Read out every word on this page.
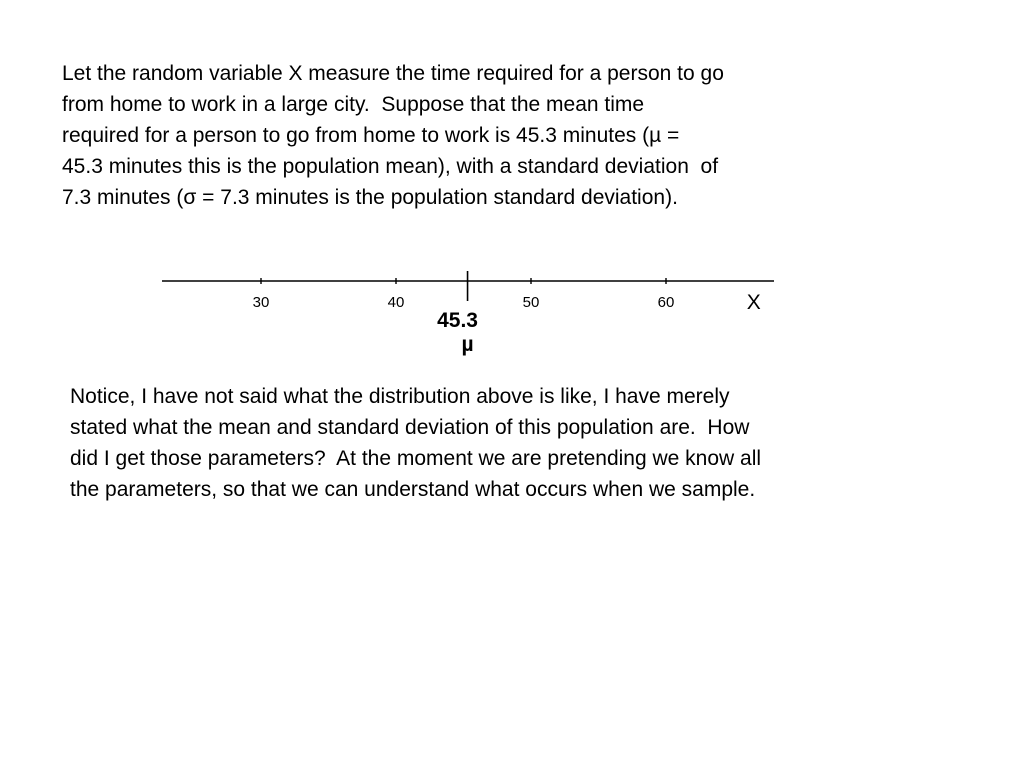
Let the random variable X measure the time required for a person to go
from home to work in a large city.  Suppose that the mean time
required for a person to go from home to work is 45.3 minutes (µ =
45.3 minutes this is the population mean), with a standard deviation  of
7.3 minutes (σ = 7.3 minutes is the population standard deviation).
30	40	50	60	X
45.3
µ
Notice, I have not said what the distribution above is like, I have merely
stated what the mean and standard deviation of this population are.  How
did I get those parameters?  At the moment we are pretending we know all
the parameters, so that we can understand what occurs when we sample.
